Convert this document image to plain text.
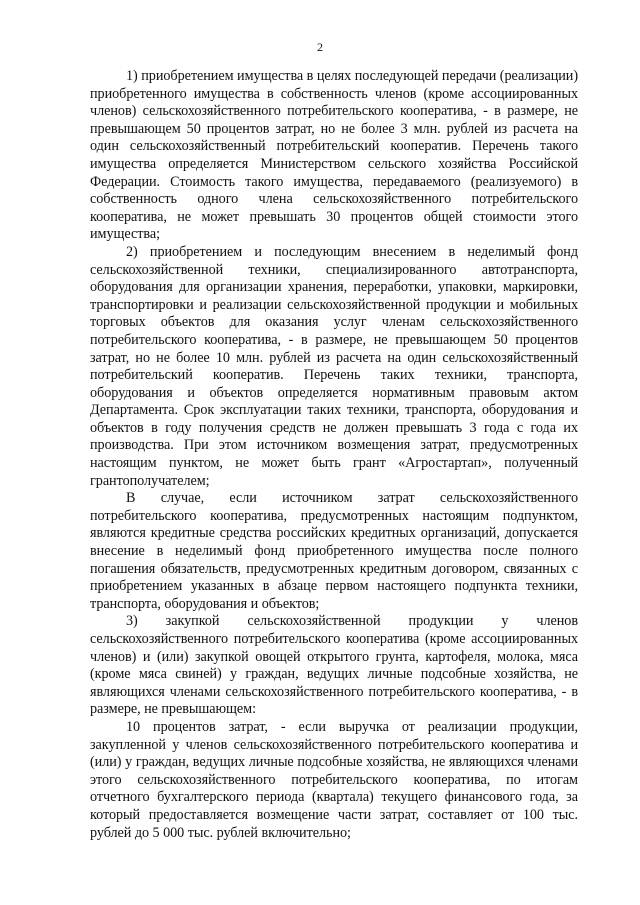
2

1) приобретением имущества в целях последующей передачи (реализации) приобретенного имущества в собственность членов (кроме ассоциированных членов) сельскохозяйственного потребительского кооператива, - в размере, не превышающем 50 процентов затрат, но не более 3 млн. рублей из расчета на один сельскохозяйственный потребительский кооператив. Перечень такого имущества определяется Министерством сельского хозяйства Российской Федерации. Стоимость такого имущества, передаваемого (реализуемого) в собственность одного члена сельскохозяйственного потребительского кооператива, не может превышать 30 процентов общей стоимости этого имущества;

2) приобретением и последующим внесением в неделимый фонд сельскохозяйственной техники, специализированного автотранспорта, оборудования для организации хранения, переработки, упаковки, маркировки, транспортировки и реализации сельскохозяйственной продукции и мобильных торговых объектов для оказания услуг членам сельскохозяйственного потребительского кооператива, - в размере, не превышающем 50 процентов затрат, но не более 10 млн. рублей из расчета на один сельскохозяйственный потребительский кооператив. Перечень таких техники, транспорта, оборудования и объектов определяется нормативным правовым актом Департамента. Срок эксплуатации таких техники, транспорта, оборудования и объектов в году получения средств не должен превышать 3 года с года их производства. При этом источником возмещения затрат, предусмотренных настоящим пунктом, не может быть грант «Агростартап», полученный грантополучателем;

В случае, если источником затрат сельскохозяйственного потребительского кооператива, предусмотренных настоящим подпунктом, являются кредитные средства российских кредитных организаций, допускается внесение в неделимый фонд приобретенного имущества после полного погашения обязательств, предусмотренных кредитным договором, связанных с приобретением указанных в абзаце первом настоящего подпункта техники, транспорта, оборудования и объектов;

3) закупкой сельскохозяйственной продукции у членов сельскохозяйственного потребительского кооператива (кроме ассоциированных членов) и (или) закупкой овощей открытого грунта, картофеля, молока, мяса (кроме мяса свиней) у граждан, ведущих личные подсобные хозяйства, не являющихся членами сельскохозяйственного потребительского кооператива, - в размере, не превышающем:

10 процентов затрат, - если выручка от реализации продукции, закупленной у членов сельскохозяйственного потребительского кооператива и (или) у граждан, ведущих личные подсобные хозяйства, не являющихся членами этого сельскохозяйственного потребительского кооператива, по итогам отчетного бухгалтерского периода (квартала) текущего финансового года, за который предоставляется возмещение части затрат, составляет от 100 тыс. рублей до 5 000 тыс. рублей включительно;
